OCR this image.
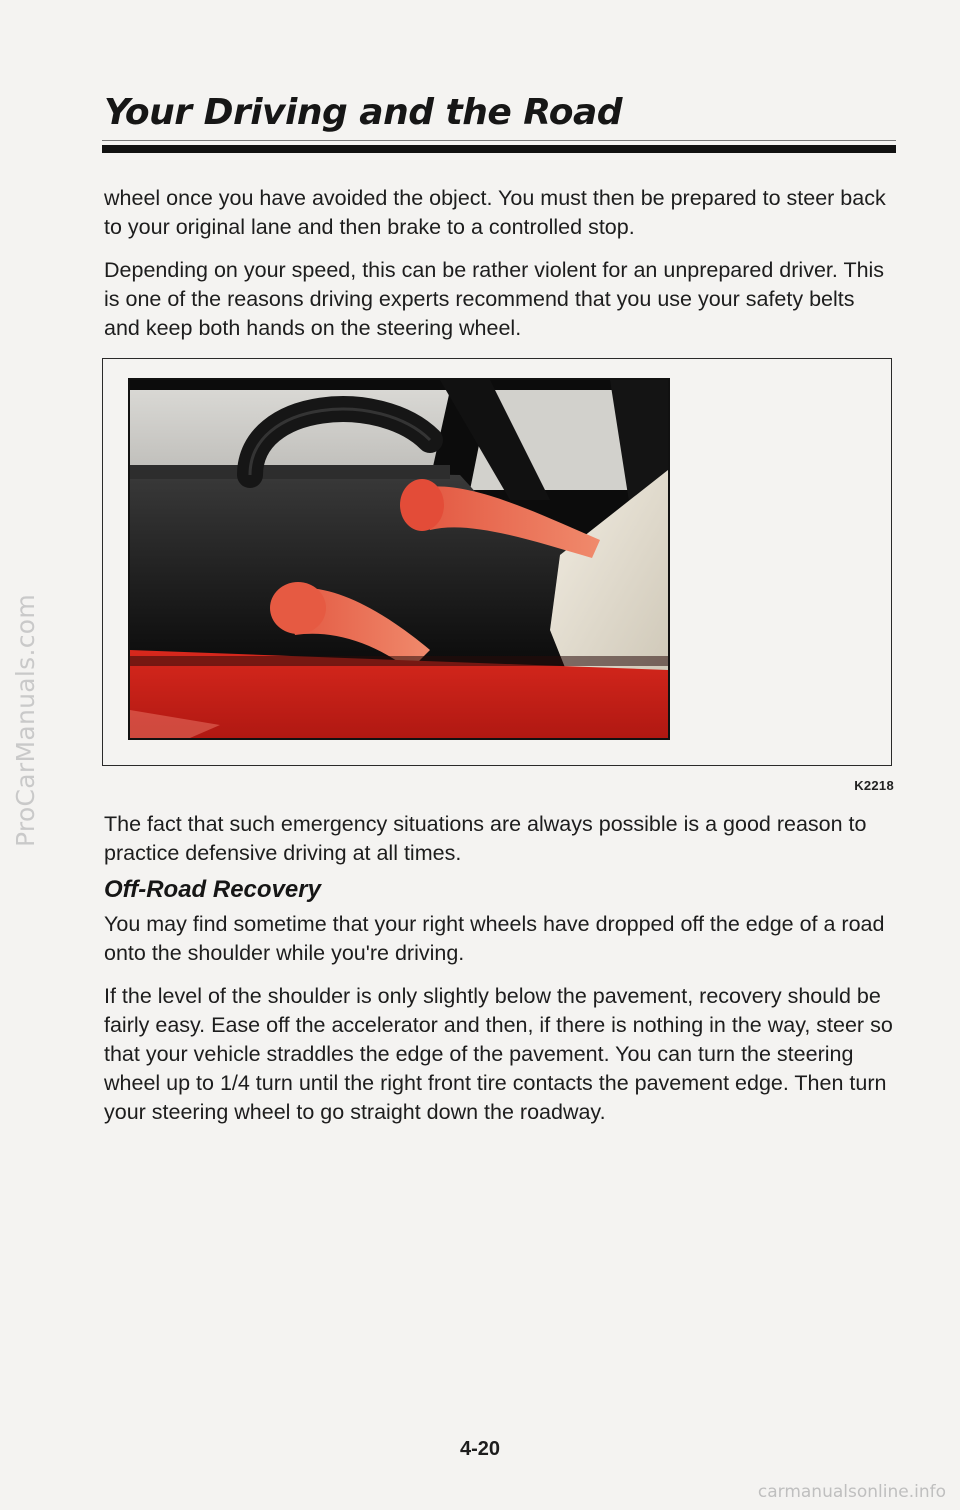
ProCarManuals.com
Your Driving and the Road

wheel once you have avoided the object. You must then be prepared to steer back to your original lane and then brake to a controlled stop.

Depending on your speed, this can be rather violent for an unprepared driver. This is one of the reasons driving experts recommend that you use your safety belts and keep both hands on the steering wheel.

K2218

The fact that such emergency situations are always possible is a good reason to practice defensive driving at all times.

Off-Road Recovery

You may find sometime that your right wheels have dropped off the edge of a road onto the shoulder while you're driving.

If the level of the shoulder is only slightly below the pavement, recovery should be fairly easy. Ease off the accelerator and then, if there is nothing in the way, steer so that your vehicle straddles the edge of the pavement. You can turn the steering wheel up to 1/4 turn until the right front tire contacts the pavement edge. Then turn your steering wheel to go straight down the roadway.

4-20

carmanualsonline.info
